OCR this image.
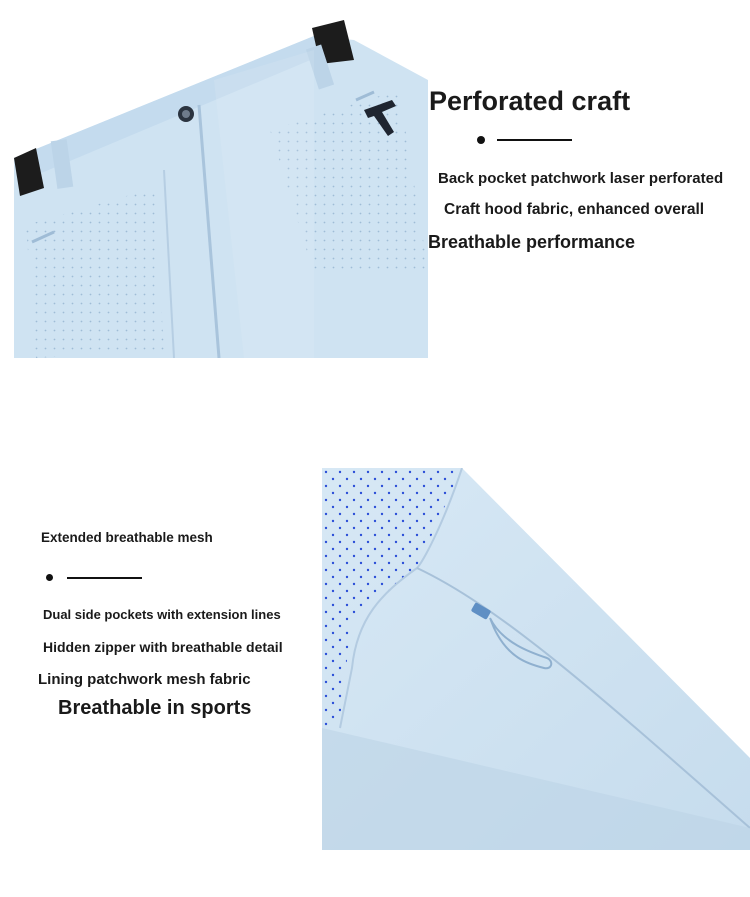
Perforated craft
Back pocket patchwork laser perforated
Craft hood fabric, enhanced overall
Breathable performance
Extended breathable mesh
Dual side pockets with extension lines
Hidden zipper with breathable detail
Lining patchwork mesh fabric
Breathable in sports
